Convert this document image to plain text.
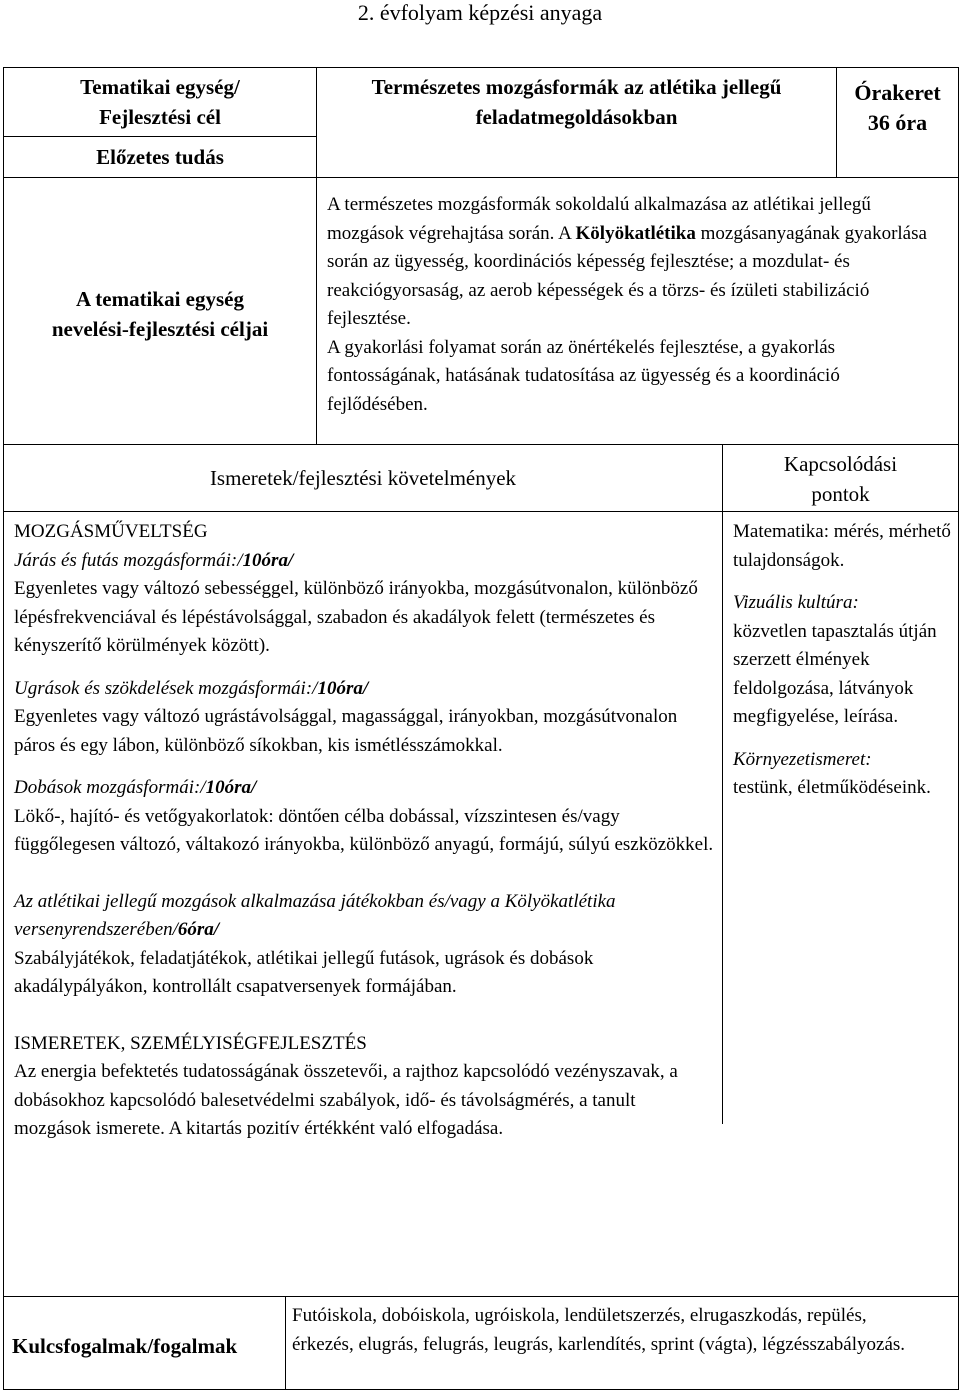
2. évfolyam képzési anyaga
Tematikai egység/
Fejlesztési cél
Természetes mozgásformák az atlétika jellegű
feladatmegoldásokban
Órakeret
36 óra
Előzetes tudás
A tematikai egység
nevelési-fejlesztési céljai

A természetes mozgásformák sokoldalú alkalmazása az atlétikai jellegű mozgások végrehajtása során. A Kölyökatlétika mozgásanyagának gyakorlása során az ügyesség, koordinációs képesség fejlesztése; a mozdulat- és reakciógyorsaság, az aerob képességek és a törzs- és ízületi stabilizáció fejlesztése.

A gyakorlási folyamat során az önértékelés fejlesztése, a gyakorlás fontosságának, hatásának tudatosítása az ügyesség és a koordináció fejlődésében.

Ismeretek/fejlesztési követelmények
Kapcsolódási
pontok

MOZGÁSMŰVELTSÉG

Járás és futás mozgásformái:/10óra/

Egyenletes vagy változó sebességgel, különböző irányokba, mozgásútvonalon, különböző lépésfrekvenciával és lépéstávolsággal, szabadon és akadályok felett (természetes és kényszerítő körülmények között).

Ugrások és szökdelések mozgásformái:/10óra/

Egyenletes vagy változó ugrástávolsággal, magassággal, irányokban, mozgásútvonalon páros és egy lábon, különböző síkokban, kis ismétlésszámokkal.

Dobások mozgásformái:/10óra/

Lökő-, hajító- és vetőgyakorlatok: döntően célba dobással, vízszintesen és/vagy függőlegesen változó, váltakozó irányokba, különböző anyagú, formájú, súlyú eszközökkel.

Az atlétikai jellegű mozgások alkalmazása játékokban és/vagy a Kölyökatlétika versenyrendszerében/6óra/

Szabályjátékok, feladatjátékok, atlétikai jellegű futások, ugrások és dobások akadálypályákon, kontrollált csapatversenyek formájában.

ISMERETEK, SZEMÉLYISÉGFEJLESZTÉS

Az energia befektetés tudatosságának összetevői, a rajthoz kapcsolódó vezényszavak, a dobásokhoz kapcsolódó balesetvédelmi szabályok, idő- és távolságmérés, a tanult mozgások ismerete. A kitartás pozitív értékként való elfogadása.

Matematika: mérés, mérhető tulajdonságok.

Vizuális kultúra:

közvetlen tapasztalás útján szerzett élmények feldolgozása, látványok megfigyelése, leírása.

Környezetismeret:

testünk, életműködéseink.

Kulcsfogalmak/fogalmak
Futóiskola, dobóiskola, ugróiskola, lendületszerzés, elrugaszkodás, repülés, érkezés, elugrás, felugrás, leugrás, karlendítés, sprint (vágta), légzésszabályozás.
